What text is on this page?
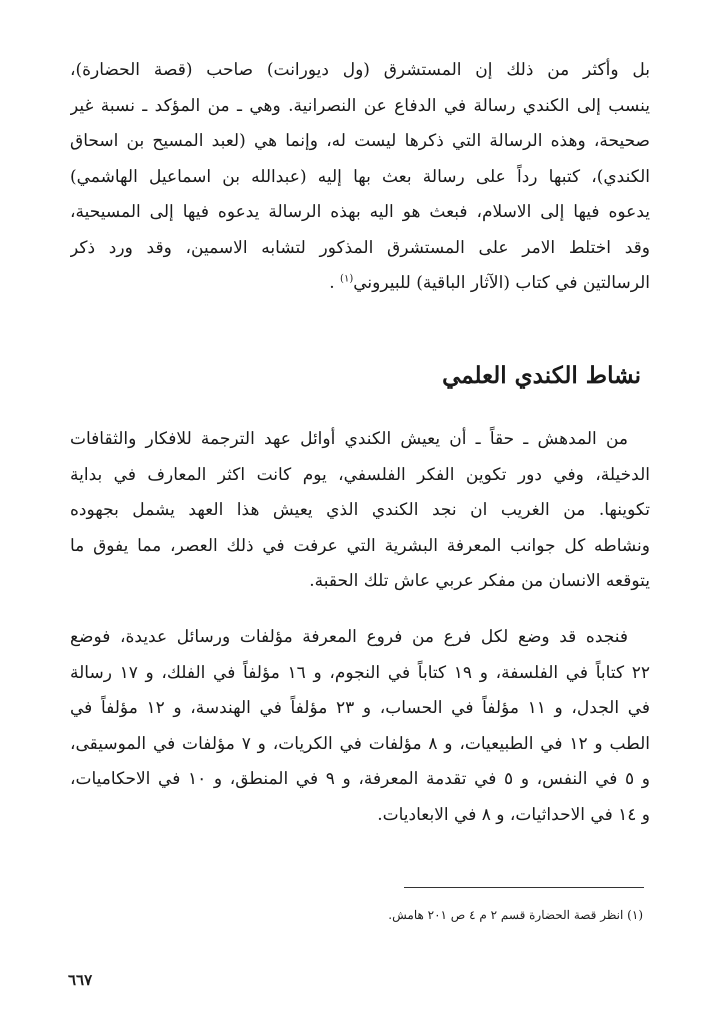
بل وأكثر من ذلك إن المستشرق (ول ديورانت) صاحب (قصة الحضارة)،
ينسب إلى الكندي رسالة في الدفاع عن النصرانية. وهي ـ من المؤكد ـ نسبة غير
صحيحة، وهذه الرسالة التي ذكرها ليست له، وإنما هي (لعبد المسيح بن اسحاق
الكندي)، كتبها رداً على رسالة بعث بها إليه (عبدالله بن اسماعيل الهاشمي)
يدعوه فيها إلى الاسلام، فبعث هو اليه بهذه الرسالة يدعوه فيها إلى المسيحية،
وقد اختلط الامر على المستشرق المذكور لتشابه الاسمين، وقد ورد ذكر
الرسالتين في كتاب (الآثار الباقية) للبيروني$^{(١)}$ .
نشاط الكندي العلمي
من المدهش ـ حقاً ـ أن يعيش الكندي أوائل عهد الترجمة للافكار والثقافات
الدخيلة، وفي دور تكوين الفكر الفلسفي، يوم كانت اكثر المعارف في بداية
تكوينها. من الغريب ان نجد الكندي الذي يعيش هذا العهد يشمل بجهوده
ونشاطه كل جوانب المعرفة البشرية التي عرفت في ذلك العصر، مما يفوق ما
يتوقعه الانسان من مفكر عربي عاش تلك الحقبة.
فنجده قد وضع لكل فرع من فروع المعرفة مؤلفات ورسائل عديدة، فوضع
٢٢ كتاباً في الفلسفة، و ١٩ كتاباً في النجوم، و ١٦ مؤلفاً في الفلك، و ١٧ رسالة
في الجدل، و ١١ مؤلفاً في الحساب، و ٢٣ مؤلفاً في الهندسة، و ١٢ مؤلفاً في
الطب و ١٢ في الطبيعيات، و ٨ مؤلفات في الكريات، و ٧ مؤلفات في الموسيقى،
و ٥ في النفس، و ٥ في تقدمة المعرفة، و ٩ في المنطق، و ١٠ في الاحكاميات،
و ١٤ في الاحداثيات، و ٨ في الابعاديات.
(١) انظر قصة الحضارة قسم ٢ م ٤ ص ٢٠١ هامش.
٦٦٧
